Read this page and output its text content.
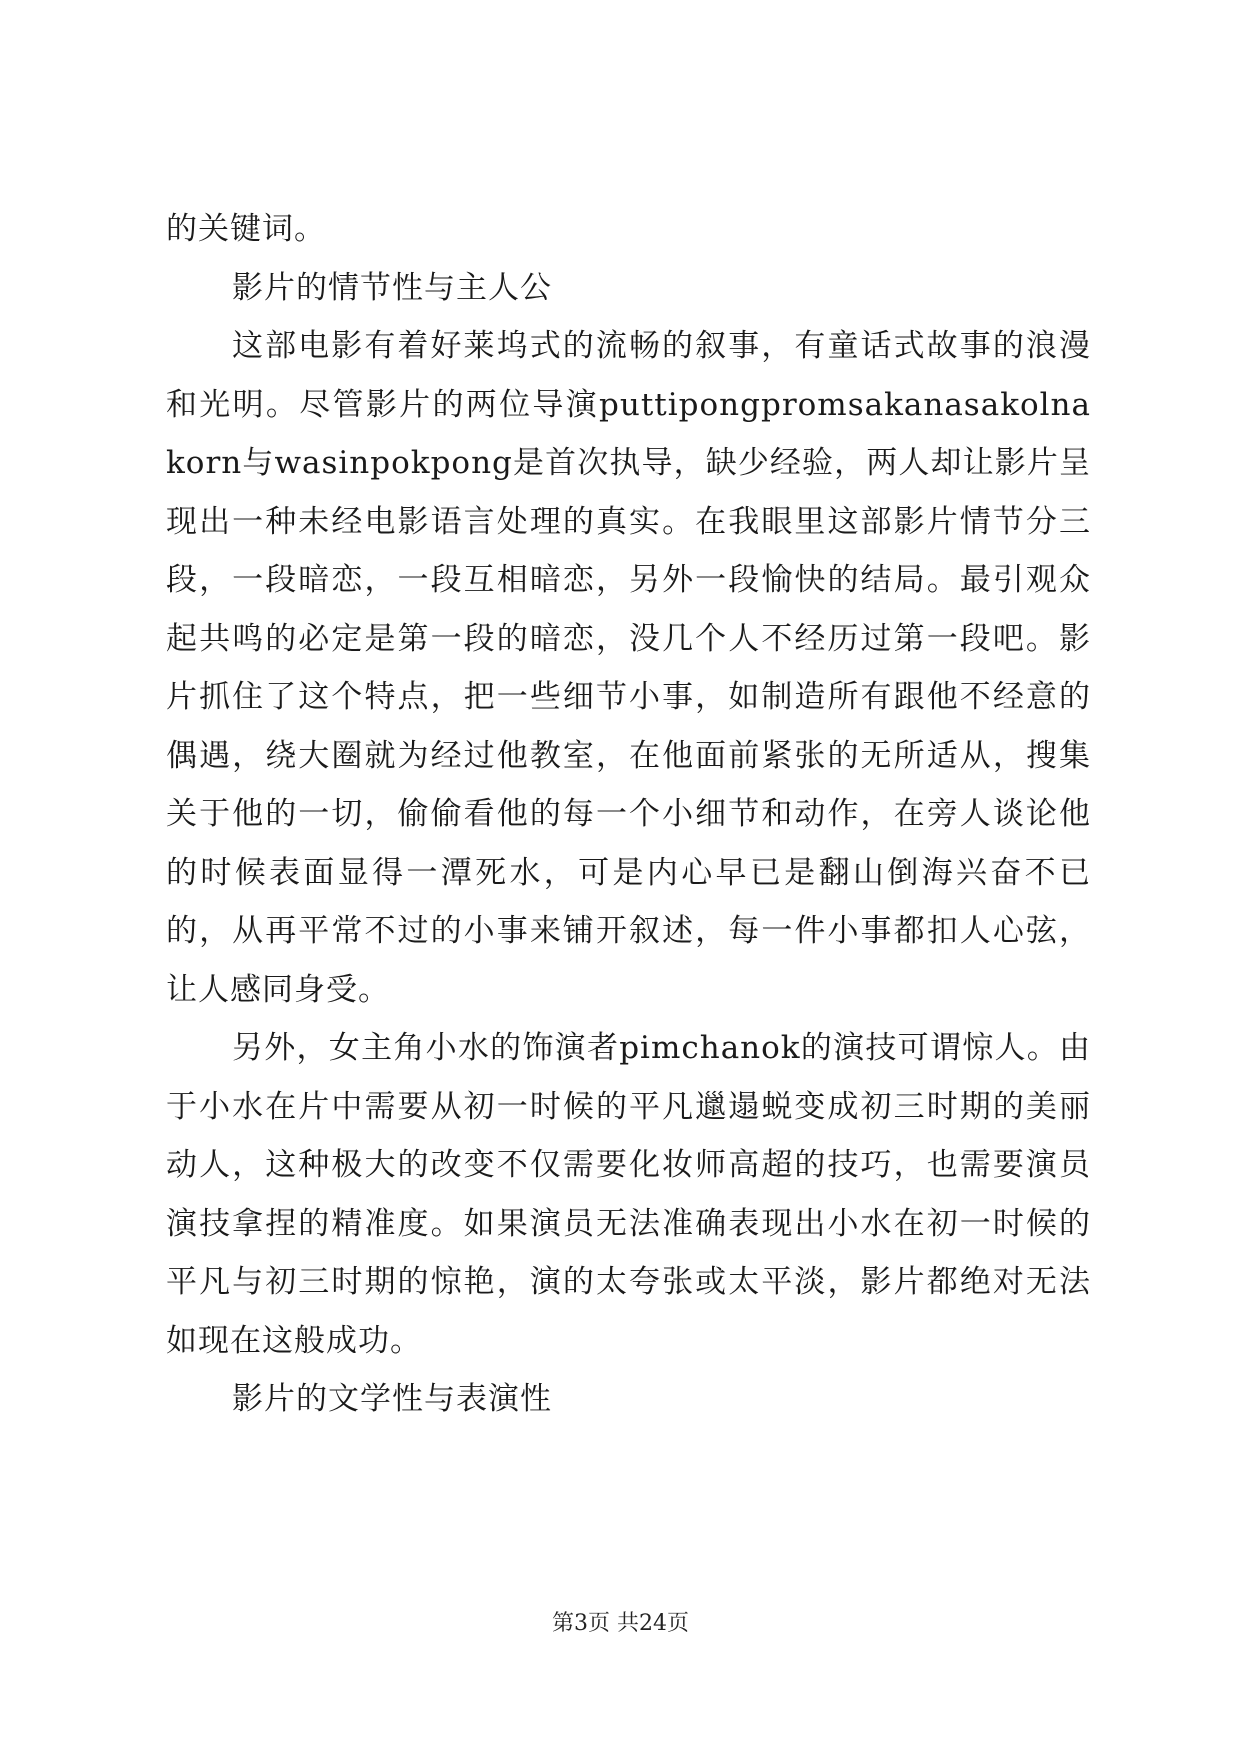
的关键词。

影片的情节性与主人公

这部电影有着好莱坞式的流畅的叙事，有童话式故事的浪漫和光明。尽管影片的两位导演puttipongpromsakanasakolnakorn与wasinpokpong是首次执导，缺少经验，两人却让影片呈现出一种未经电影语言处理的真实。在我眼里这部影片情节分三段，一段暗恋，一段互相暗恋，另外一段愉快的结局。最引观众起共鸣的必定是第一段的暗恋，没几个人不经历过第一段吧。影片抓住了这个特点，把一些细节小事，如制造所有跟他不经意的偶遇，绕大圈就为经过他教室，在他面前紧张的无所适从，搜集关于他的一切，偷偷看他的每一个小细节和动作，在旁人谈论他的时候表面显得一潭死水，可是内心早已是翻山倒海兴奋不已的，从再平常不过的小事来铺开叙述，每一件小事都扣人心弦，让人感同身受。

另外，女主角小水的饰演者pimchanok的演技可谓惊人。由于小水在片中需要从初一时候的平凡邋遢蜕变成初三时期的美丽动人，这种极大的改变不仅需要化妆师高超的技巧，也需要演员演技拿捏的精准度。如果演员无法准确表现出小水在初一时候的平凡与初三时期的惊艳，演的太夸张或太平淡，影片都绝对无法如现在这般成功。

影片的文学性与表演性

第3页 共24页
